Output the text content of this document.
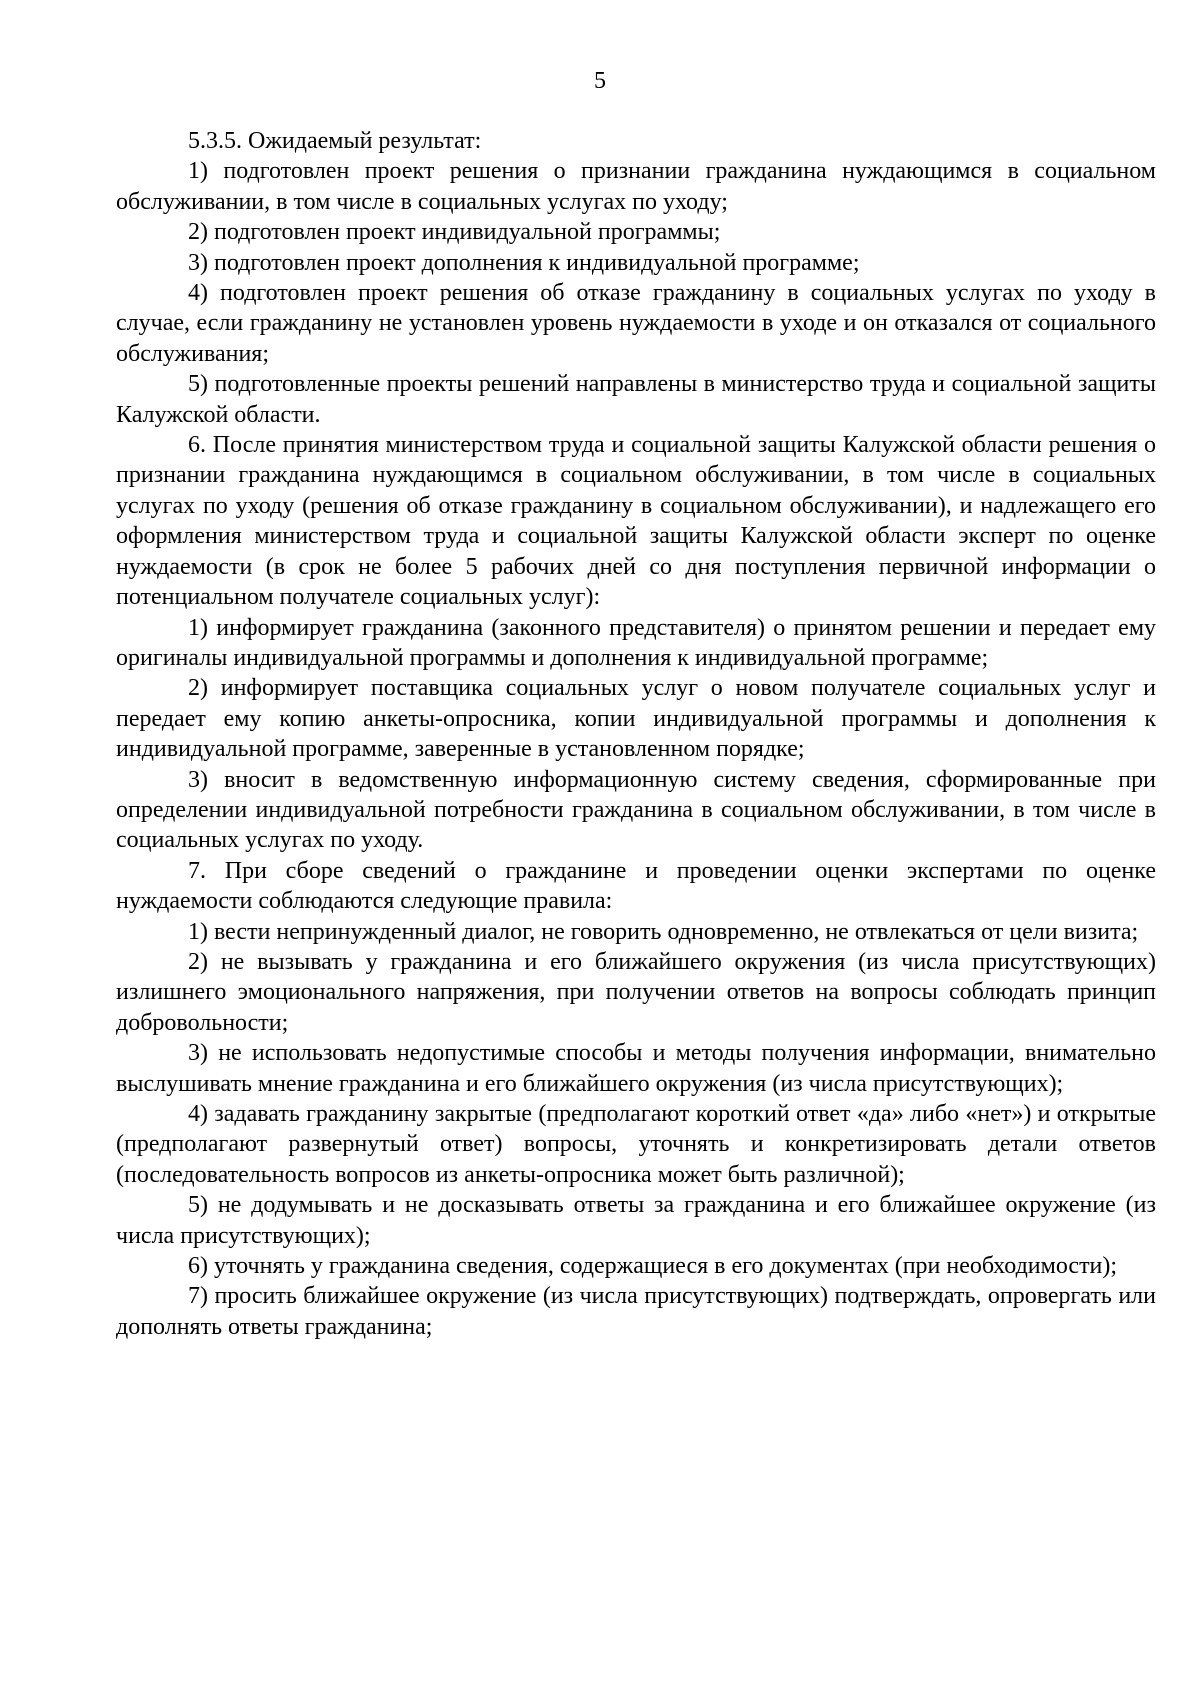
5

5.3.5. Ожидаемый результат:

1) подготовлен проект решения о признании гражданина нуждающимся в социальном обслуживании, в том числе в социальных услугах по уходу;

2) подготовлен проект индивидуальной программы;

3) подготовлен проект дополнения к индивидуальной программе;

4) подготовлен проект решения об отказе гражданину в социальных услугах по уходу в случае, если гражданину не установлен уровень нуждаемости в уходе и он отказался от социального обслуживания;

5) подготовленные проекты решений направлены в министерство труда и социальной защиты Калужской области.

6. После принятия министерством труда и социальной защиты Калужской области решения о признании гражданина нуждающимся в социальном обслуживании, в том числе в социальных услугах по уходу (решения об отказе гражданину в социальном обслуживании), и надлежащего его оформления министерством труда и социальной защиты Калужской области эксперт по оценке нуждаемости (в срок не более 5 рабочих дней со дня поступления первичной информации о потенциальном получателе социальных услуг):

1) информирует гражданина (законного представителя) о принятом решении и передает ему оригиналы индивидуальной программы и дополнения к индивидуальной программе;

2) информирует поставщика социальных услуг о новом получателе социальных услуг и передает ему копию анкеты-опросника, копии индивидуальной программы и дополнения к индивидуальной программе, заверенные в установленном порядке;

3) вносит в ведомственную информационную систему сведения, сформированные при определении индивидуальной потребности гражданина в социальном обслуживании, в том числе в социальных услугах по уходу.

7. При сборе сведений о гражданине и проведении оценки экспертами по оценке нуждаемости соблюдаются следующие правила:

1) вести непринужденный диалог, не говорить одновременно, не отвлекаться от цели визита;

2) не вызывать у гражданина и его ближайшего окружения (из числа присутствующих) излишнего эмоционального напряжения, при получении ответов на вопросы соблюдать принцип добровольности;

3) не использовать недопустимые способы и методы получения информации, внимательно выслушивать мнение гражданина и его ближайшего окружения (из числа присутствующих);

4) задавать гражданину закрытые (предполагают короткий ответ «да» либо «нет») и открытые (предполагают развернутый ответ) вопросы, уточнять и конкретизировать детали ответов (последовательность вопросов из анкеты-опросника может быть различной);

5) не додумывать и не досказывать ответы за гражданина и его ближайшее окружение (из числа присутствующих);

6) уточнять у гражданина сведения, содержащиеся в его документах (при необходимости);

7) просить ближайшее окружение (из числа присутствующих) подтверждать, опровергать или дополнять ответы гражданина;
